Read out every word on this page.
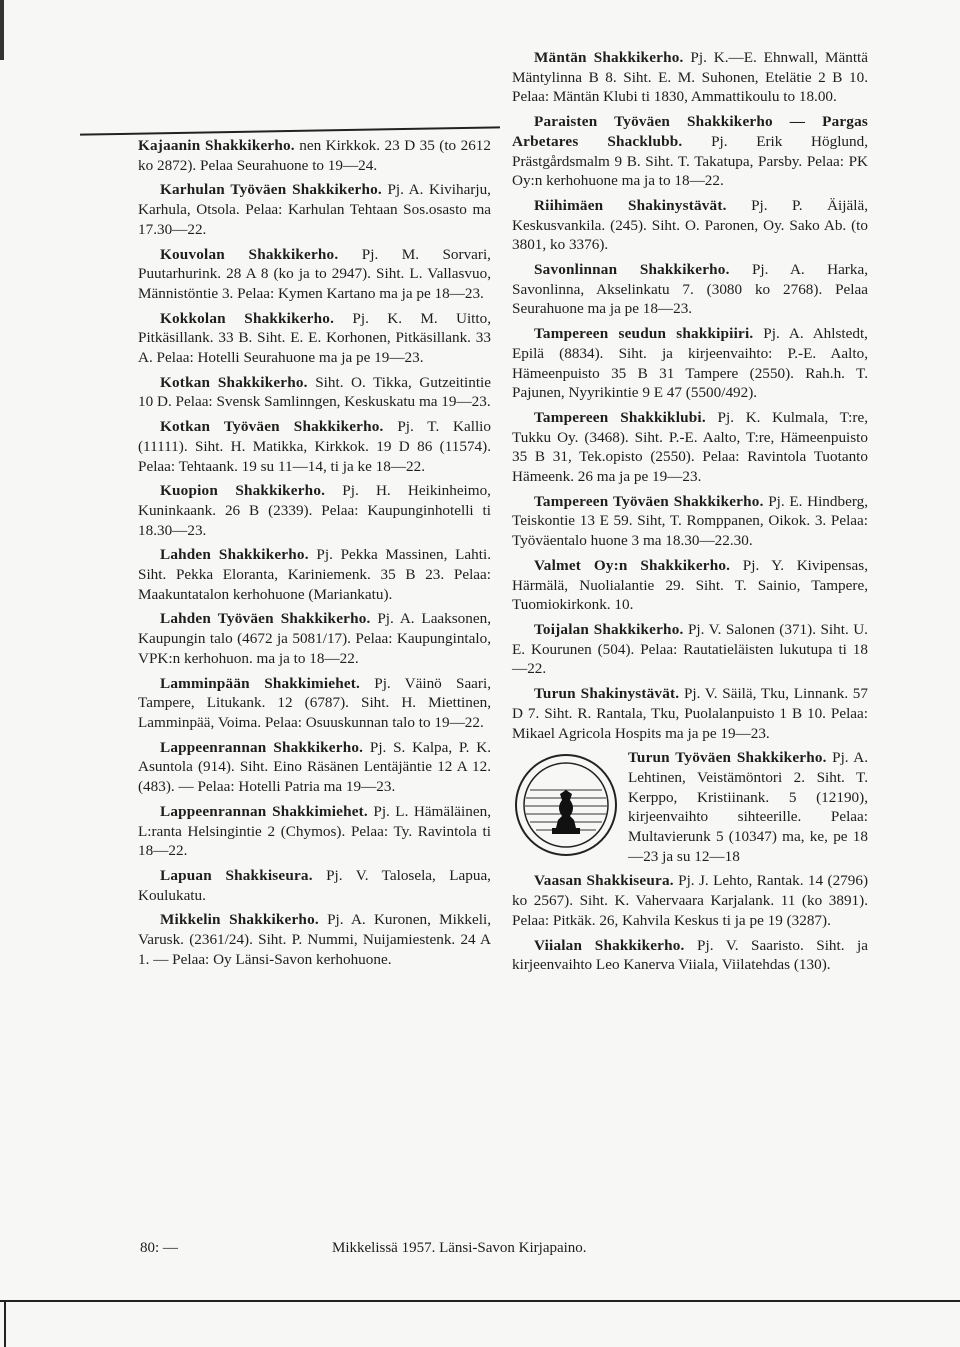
Kajaanin Shakkikerho. nen Kirkkok. 23 D 35 (to 2612 ko 2872). Pelaa Seurahuone to 19—24.

Karhulan Työväen Shakkikerho. Pj. A. Kiviharju, Karhula, Otsola. Pelaa: Karhulan Tehtaan Sos.osasto ma 17.30—22.

Kouvolan Shakkikerho. Pj. M. Sorvari, Puutarhurink. 28 A 8 (ko ja to 2947). Siht. L. Vallasvuo, Männistöntie 3. Pelaa: Kymen Kartano ma ja pe 18—23.

Kokkolan Shakkikerho. Pj. K. M. Uitto, Pitkäsillank. 33 B. Siht. E. E. Korhonen, Pitkäsillank. 33 A. Pelaa: Hotelli Seurahuone ma ja pe 19—23.

Kotkan Shakkikerho. Siht. O. Tikka, Gutzeitintie 10 D. Pelaa: Svensk Samlinngen, Keskuskatu ma 19—23.

Kotkan Työväen Shakkikerho. Pj. T. Kallio (11111). Siht. H. Matikka, Kirkkok. 19 D 86 (11574). Pelaa: Tehtaank. 19 su 11—14, ti ja ke 18—22.

Kuopion Shakkikerho. Pj. H. Heikinheimo, Kuninkaank. 26 B (2339). Pelaa: Kaupunginhotelli ti 18.30—23.

Lahden Shakkikerho. Pj. Pekka Massinen, Lahti. Siht. Pekka Eloranta, Kariniemenk. 35 B 23. Pelaa: Maakuntatalon kerhohuone (Mariankatu).

Lahden Työväen Shakkikerho. Pj. A. Laaksonen, Kaupungin talo (4672 ja 5081/17). Pelaa: Kaupungintalo, VPK:n kerhohuon. ma ja to 18—22.

Lamminpään Shakkimiehet. Pj. Väinö Saari, Tampere, Litukank. 12 (6787). Siht. H. Miettinen, Lamminpää, Voima. Pelaa: Osuuskunnan talo to 19—22.

Lappeenrannan Shakkikerho. Pj. S. Kalpa, P. K. Asuntola (914). Siht. Eino Räsänen Lentäjäntie 12 A 12. (483). — Pelaa: Hotelli Patria ma 19—23.

Lappeenrannan Shakkimiehet. Pj. L. Hämäläinen, L:ranta Helsingintie 2 (Chymos). Pelaa: Ty. Ravintola ti 18—22.

Lapuan Shakkiseura. Pj. V. Talosela, Lapua, Koulukatu.

Mikkelin Shakkikerho. Pj. A. Kuronen, Mikkeli, Varusk. (2361/24). Siht. P. Nummi, Nuijamiestenk. 24 A 1. — Pelaa: Oy Länsi-Savon kerhohuone.

Mäntän Shakkikerho. Pj. K.—E. Ehnwall, Mänttä Mäntylinna B 8. Siht. E. M. Suhonen, Etelätie 2 B 10. Pelaa: Mäntän Klubi ti 1830, Ammattikoulu to 18.00.

Paraisten Työväen Shakkikerho — Pargas Arbetares Shacklubb. Pj. Erik Höglund, Prästgårdsmalm 9 B. Siht. T. Takatupa, Parsby. Pelaa: PK Oy:n kerhohuone ma ja to 18—22.

Riihimäen Shakinystävät. Pj. P. Äijälä, Keskusvankila. (245). Siht. O. Paronen, Oy. Sako Ab. (to 3801, ko 3376).

Savonlinnan Shakkikerho. Pj. A. Harka, Savonlinna, Akselinkatu 7. (3080 ko 2768). Pelaa Seurahuone ma ja pe 18—23.

Tampereen seudun shakkipiiri. Pj. A. Ahlstedt, Epilä (8834). Siht. ja kirjeenvaihto: P.-E. Aalto, Hämeenpuisto 35 B 31 Tampere (2550). Rah.h. T. Pajunen, Nyyrikintie 9 E 47 (5500/492).

Tampereen Shakkiklubi. Pj. K. Kulmala, T:re, Tukku Oy. (3468). Siht. P.-E. Aalto, T:re, Hämeenpuisto 35 B 31, Tek.opisto (2550). Pelaa: Ravintola Tuotanto Hämeenk. 26 ma ja pe 19—23.

Tampereen Työväen Shakkikerho. Pj. E. Hindberg, Teiskontie 13 E 59. Siht, T. Romppanen, Oikok. 3. Pelaa: Työväentalo huone 3 ma 18.30—22.30.

Valmet Oy:n Shakkikerho. Pj. Y. Kivipensas, Härmälä, Nuolialantie 29. Siht. T. Sainio, Tampere, Tuomiokirkonk. 10.

Toijalan Shakkikerho. Pj. V. Salonen (371). Siht. U. E. Kourunen (504). Pelaa: Rautatieläisten lukutupa ti 18—22.

Turun Shakinystävät. Pj. V. Säilä, Tku, Linnank. 57 D 7. Siht. R. Rantala, Tku, Puolalanpuisto 1 B 10. Pelaa: Mikael Agricola Hospits ma ja pe 19—23.

Turun Työväen Shakkikerho. Pj. A. Lehtinen, Veistämöntori 2. Siht. T. Kerppo, Kristiinank. 5 (12190), kirjeenvaihto sihteerille. Pelaa: Multavierunk 5 (10347) ma, ke, pe 18—23 ja su 12—18

Vaasan Shakkiseura. Pj. J. Lehto, Rantak. 14 (2796) ko 2567). Siht. K. Vahervaara Karjalank. 11 (ko 3891). Pelaa: Pitkäk. 26, Kahvila Keskus ti ja pe 19 (3287).

Viialan Shakkikerho. Pj. V. Saaristo. Siht. ja kirjeenvaihto Leo Kanerva Viiala, Viilatehdas (130).

80: —	Mikkelissä 1957. Länsi-Savon Kirjapaino.
